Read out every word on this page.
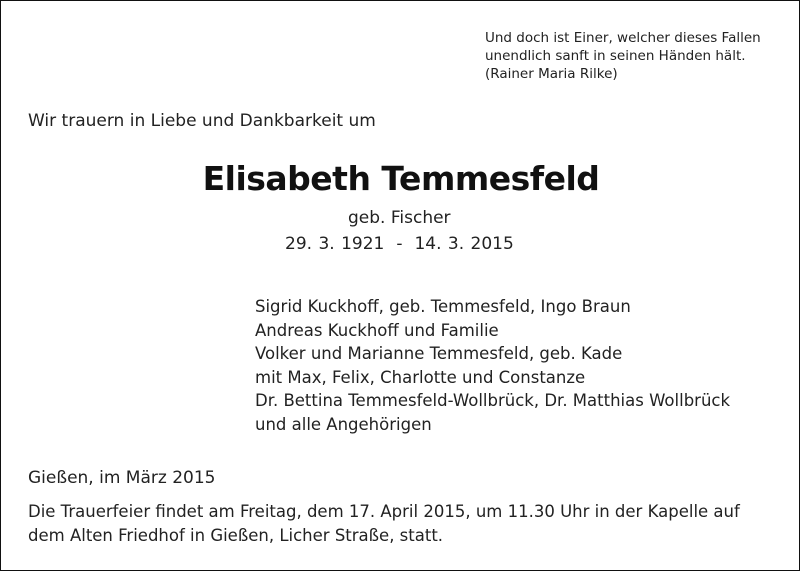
Und doch ist Einer, welcher dieses Fallen
unendlich sanft in seinen Händen hält.
(Rainer Maria Rilke)
Wir trauern in Liebe und Dankbarkeit um
Elisabeth Temmesfeld
geb. Fischer
29. 3. 1921 - 14. 3. 2015
Sigrid Kuckhoff, geb. Temmesfeld, Ingo Braun
Andreas Kuckhoff und Familie
Volker und Marianne Temmesfeld, geb. Kade
mit Max, Felix, Charlotte und Constanze
Dr. Bettina Temmesfeld-Wollbrück, Dr. Matthias Wollbrück
und alle Angehörigen
Gießen, im März 2015
Die Trauerfeier findet am Freitag, dem 17. April 2015, um 11.30 Uhr in der Kapelle auf
dem Alten Friedhof in Gießen, Licher Straße, statt.
